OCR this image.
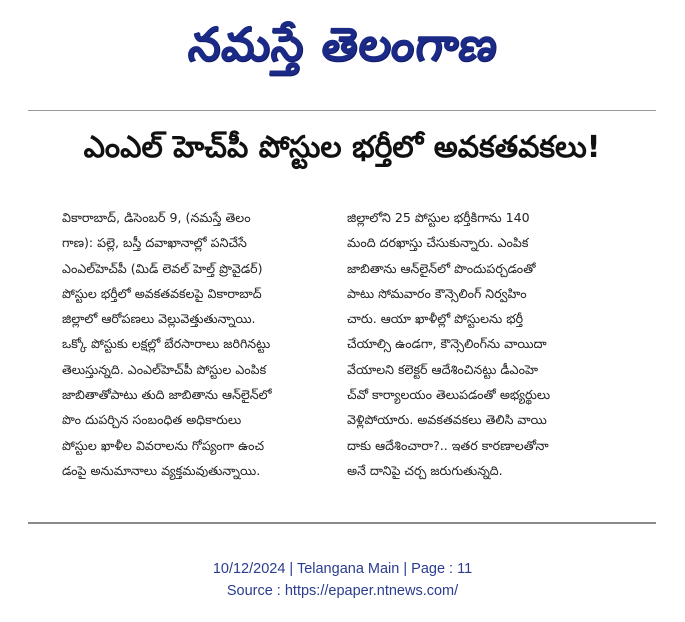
నమస్తే తెలంగాణ
ఎంఎల్ హెచ్‌పీ పోస్టుల భర్తీలో అవకతవకలు!
వికారాబాద్, డిసెంబర్ 9, (నమస్తే తెలం
గాణ): పల్లె, బస్తీ దవాఖానాల్లో పనిచేసే
ఎంఎల్‌హెచ్‌పీ (మిడ్ లెవల్ హెల్త్ ప్రొవైడర్)
పోస్టుల భర్తీలో అవకతవకలపై వికారాబాద్
జిల్లాలో ఆరోపణలు వెల్లువెత్తుతున్నాయి.
ఒక్కో పోస్టుకు లక్షల్లో బేరసారాలు జరిగినట్టు
తెలుస్తున్నది. ఎంఎల్‌హెచ్‌పీ పోస్టుల ఎంపిక
జాబితాతోపాటు తుది జాబితాను ఆన్‌లైన్‌లో
పొం దుపర్చిన సంబంధిత అధికారులు
పోస్టుల ఖాళీల వివరాలను గోప్యంగా ఉంచ
డంపై అనుమానాలు వ్యక్తమవుతున్నాయి.
జిల్లాలోని 25 పోస్టుల భర్తీకిగాను 140
మంది దరఖాస్తు చేసుకున్నారు. ఎంపిక
జాబితాను ఆన్‌లైన్‌లో పొందుపర్చడంతో
పాటు సోమవారం కౌన్సెలింగ్ నిర్వహిం
చారు. ఆయా ఖాళీల్లో పోస్టులను భర్తీ
చేయాల్సి ఉండగా, కౌన్సెలింగ్‌ను వాయిదా
వేయాలని కలెక్టర్ ఆదేశించినట్టు డీఎంహె
చ్‌వో కార్యాలయం తెలుపడంతో అభ్యర్థులు
వెళ్లిపోయారు. అవకతవకలు తెలిసి వాయి
దాకు ఆదేశించారా?.. ఇతర కారణాలతోనా
అనే దానిపై చర్చ జరుగుతున్నది.
10/12/2024 | Telangana Main | Page : 11
Source : https://epaper.ntnews.com/
